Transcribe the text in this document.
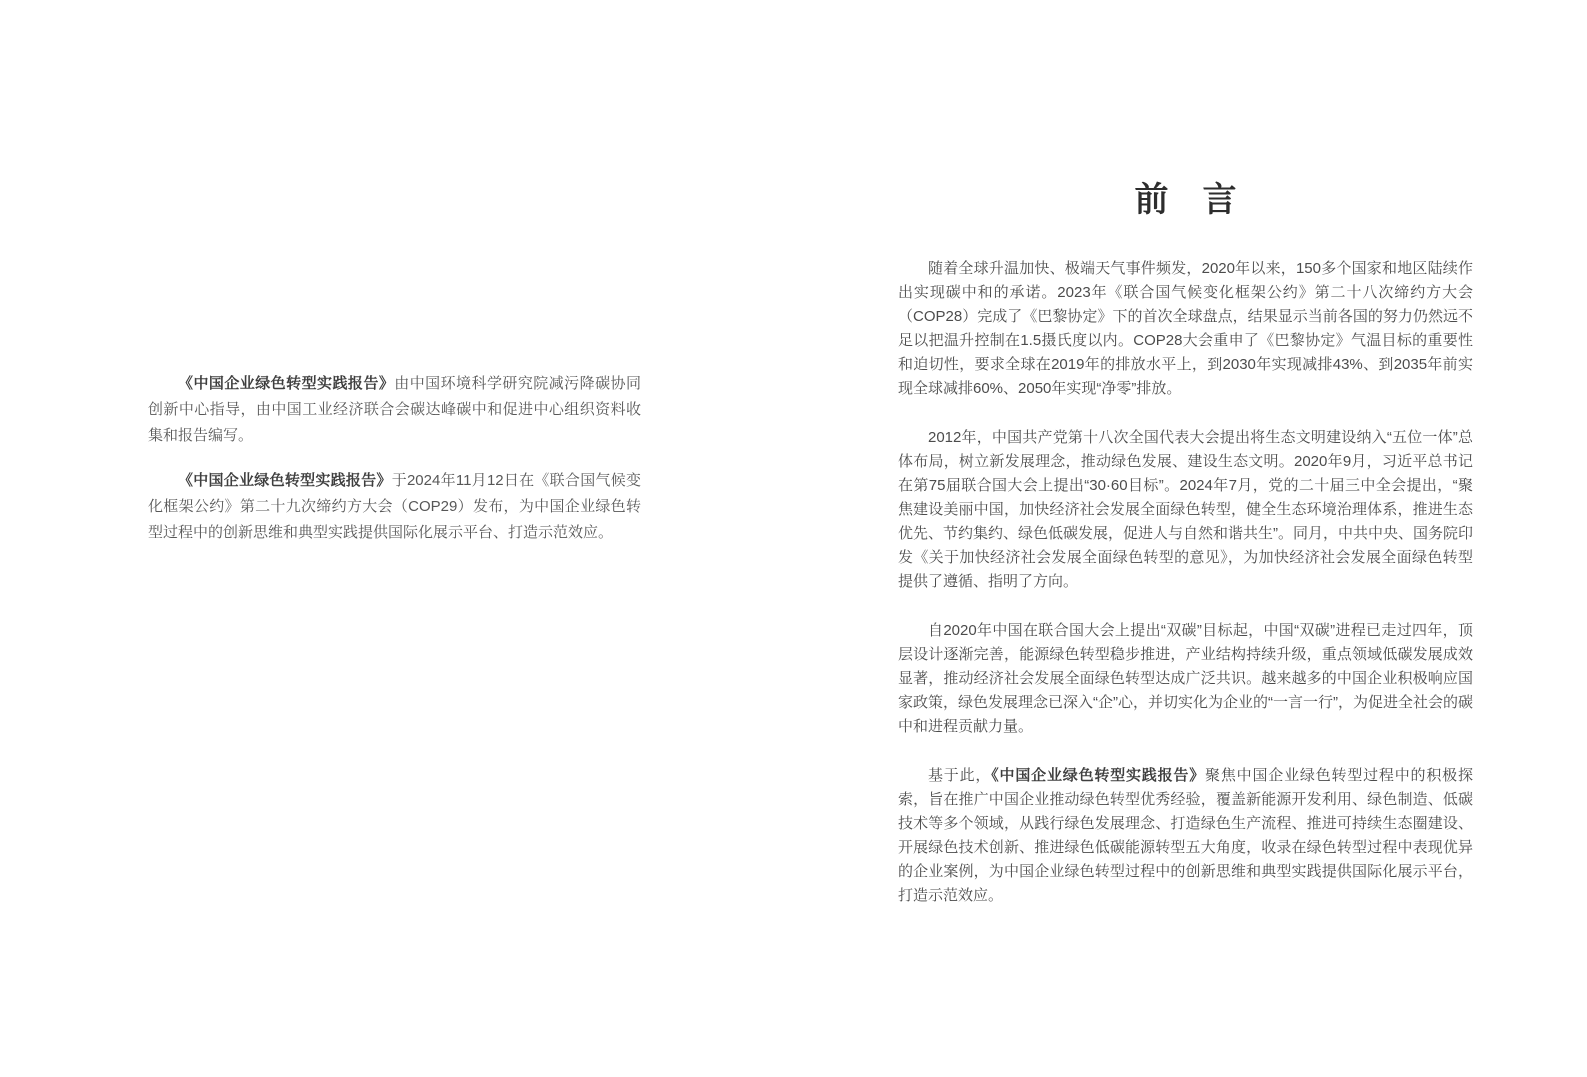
《中国企业绿色转型实践报告》由中国环境科学研究院减污降碳协同创新中心指导，由中国工业经济联合会碳达峰碳中和促进中心组织资料收集和报告编写。

《中国企业绿色转型实践报告》于2024年11月12日在《联合国气候变化框架公约》第二十九次缔约方大会（COP29）发布，为中国企业绿色转型过程中的创新思维和典型实践提供国际化展示平台、打造示范效应。

前　言

随着全球升温加快、极端天气事件频发，2020年以来，150多个国家和地区陆续作出实现碳中和的承诺。2023年《联合国气候变化框架公约》第二十八次缔约方大会（COP28）完成了《巴黎协定》下的首次全球盘点，结果显示当前各国的努力仍然远不足以把温升控制在1.5摄氏度以内。COP28大会重申了《巴黎协定》气温目标的重要性和迫切性，要求全球在2019年的排放水平上，到2030年实现减排43%、到2035年前实现全球减排60%、2050年实现“净零”排放。

2012年，中国共产党第十八次全国代表大会提出将生态文明建设纳入“五位一体”总体布局，树立新发展理念，推动绿色发展、建设生态文明。2020年9月，习近平总书记在第75届联合国大会上提出“30·60目标”。2024年7月，党的二十届三中全会提出，“聚焦建设美丽中国，加快经济社会发展全面绿色转型，健全生态环境治理体系，推进生态优先、节约集约、绿色低碳发展，促进人与自然和谐共生”。同月，中共中央、国务院印发《关于加快经济社会发展全面绿色转型的意见》，为加快经济社会发展全面绿色转型提供了遵循、指明了方向。

自2020年中国在联合国大会上提出“双碳”目标起，中国“双碳”进程已走过四年，顶层设计逐渐完善，能源绿色转型稳步推进，产业结构持续升级，重点领域低碳发展成效显著，推动经济社会发展全面绿色转型达成广泛共识。越来越多的中国企业积极响应国家政策，绿色发展理念已深入“企”心，并切实化为企业的“一言一行”，为促进全社会的碳中和进程贡献力量。

基于此，《中国企业绿色转型实践报告》聚焦中国企业绿色转型过程中的积极探索，旨在推广中国企业推动绿色转型优秀经验，覆盖新能源开发利用、绿色制造、低碳技术等多个领域，从践行绿色发展理念、打造绿色生产流程、推进可持续生态圈建设、开展绿色技术创新、推进绿色低碳能源转型五大角度，收录在绿色转型过程中表现优异的企业案例，为中国企业绿色转型过程中的创新思维和典型实践提供国际化展示平台，打造示范效应。
